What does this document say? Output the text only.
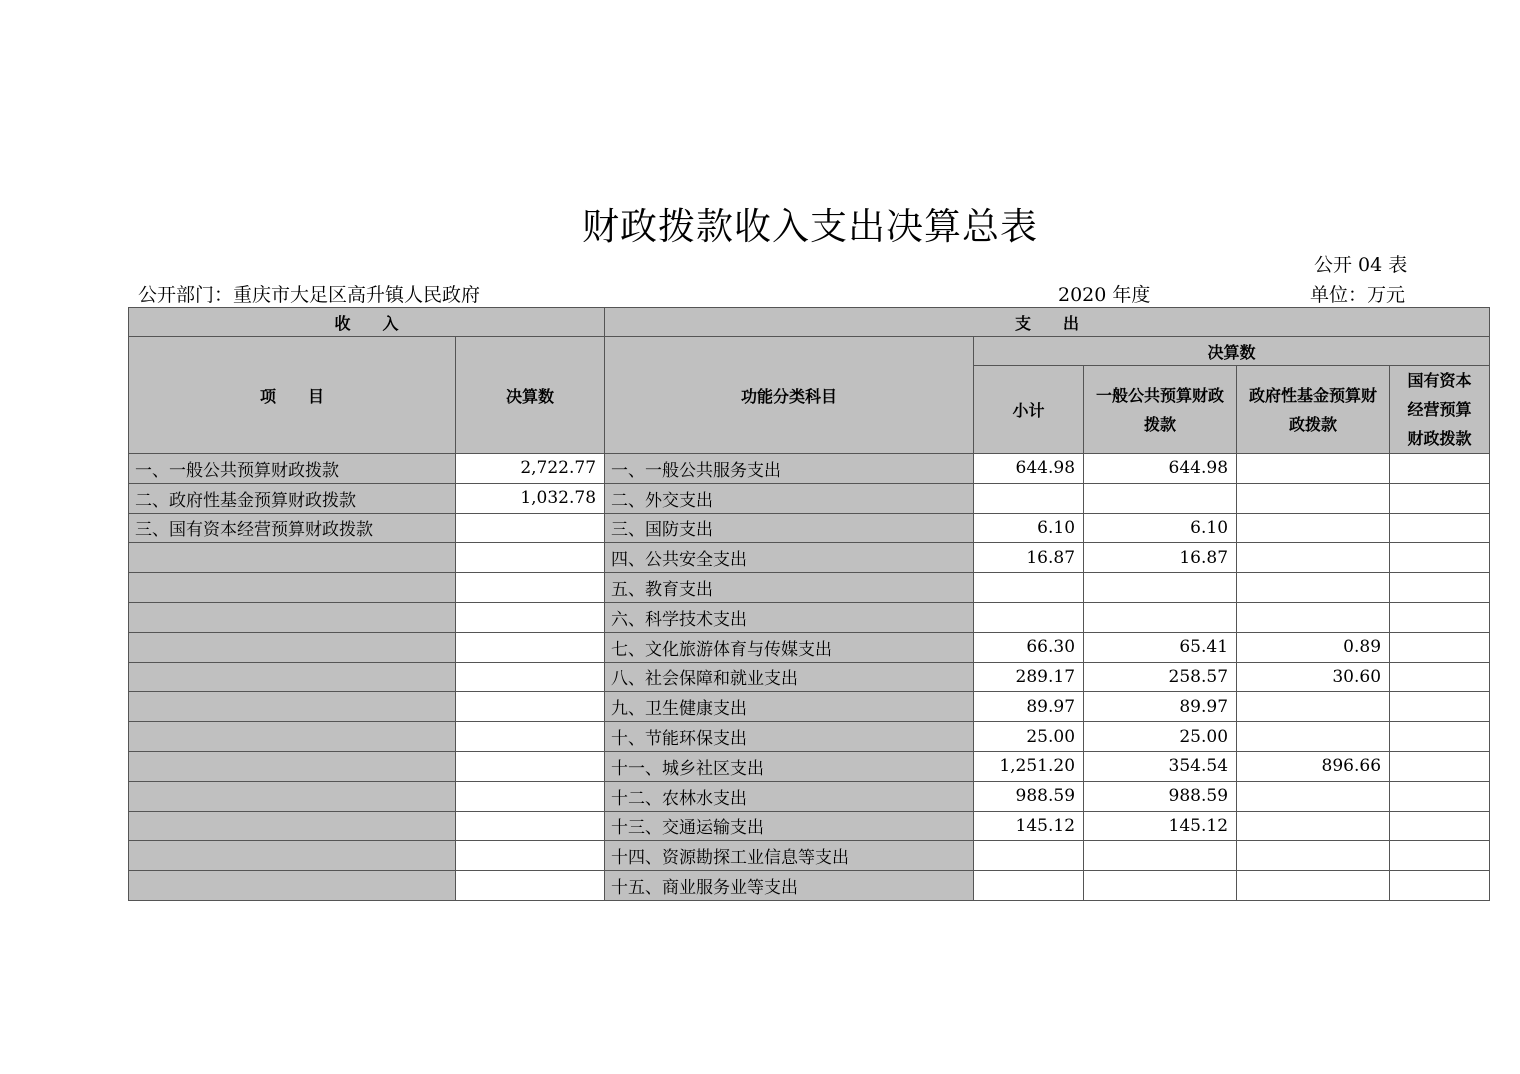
财政拨款收入支出决算总表
公开 04 表
公开部门：重庆市大足区高升镇人民政府	2020 年度	单位：万元
收　　入		支　　出				
项　　目	决算数	功能分类科目	决算数			
			小计	一般公共预算财政拨款	政府性基金预算财政拨款	国有资本经营预算财政拨款
一、一般公共预算财政拨款	2,722.77	一、一般公共服务支出	644.98	644.98		
二、政府性基金预算财政拨款	1,032.78	二、外交支出				
三、国有资本经营预算财政拨款		三、国防支出	6.10	6.10		
		四、公共安全支出	16.87	16.87		
		五、教育支出				
		六、科学技术支出				
		七、文化旅游体育与传媒支出	66.30	65.41	0.89	
		八、社会保障和就业支出	289.17	258.57	30.60	
		九、卫生健康支出	89.97	89.97		
		十、节能环保支出	25.00	25.00		
		十一、城乡社区支出	1,251.20	354.54	896.66	
		十二、农林水支出	988.59	988.59		
		十三、交通运输支出	145.12	145.12		
		十四、资源勘探工业信息等支出				
		十五、商业服务业等支出				
